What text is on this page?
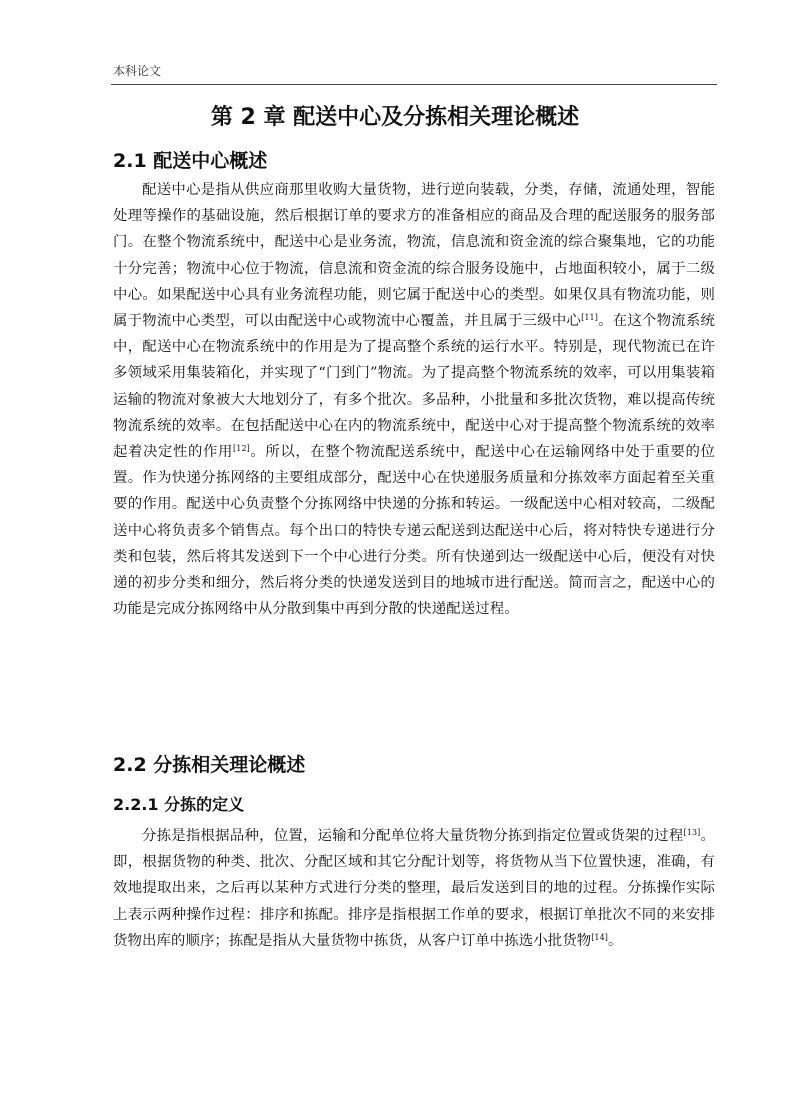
本科论文
第 2 章 配送中心及分拣相关理论概述
2.1 配送中心概述
配送中心是指从供应商那里收购大量货物，进行逆向装载，分类，存储，流通处理，智能处理等操作的基础设施，然后根据订单的要求方的准备相应的商品及合理的配送服务的服务部门。在整个物流系统中，配送中心是业务流，物流，信息流和资金流的综合聚集地，它的功能十分完善；物流中心位于物流，信息流和资金流的综合服务设施中，占地面积较小，属于二级中心。如果配送中心具有业务流程功能，则它属于配送中心的类型。如果仅具有物流功能，则属于物流中心类型，可以由配送中心或物流中心覆盖，并且属于三级中心[11]。在这个物流系统中，配送中心在物流系统中的作用是为了提高整个系统的运行水平。特别是，现代物流已在许多领域采用集装箱化，并实现了“门到门”物流。为了提高整个物流系统的效率，可以用集装箱运输的物流对象被大大地划分了，有多个批次。多品种，小批量和多批次货物，难以提高传统物流系统的效率。在包括配送中心在内的物流系统中，配送中心对于提高整个物流系统的效率起着决定性的作用[12]。所以，在整个物流配送系统中，配送中心在运输网络中处于重要的位置。作为快递分拣网络的主要组成部分，配送中心在快递服务质量和分拣效率方面起着至关重要的作用。配送中心负责整个分拣网络中快递的分拣和转运。一级配送中心相对较高，二级配送中心将负责多个销售点。每个出口的特快专递云配送到达配送中心后，将对特快专递进行分类和包装，然后将其发送到下一个中心进行分类。所有快递到达一级配送中心后，便没有对快递的初步分类和细分，然后将分类的快递发送到目的地城市进行配送。简而言之，配送中心的功能是完成分拣网络中从分散到集中再到分散的快递配送过程。
2.2 分拣相关理论概述
2.2.1 分拣的定义
分拣是指根据品种，位置，运输和分配单位将大量货物分拣到指定位置或货架的过程[13]。即，根据货物的种类、批次、分配区域和其它分配计划等，将货物从当下位置快速，准确，有效地提取出来，之后再以某种方式进行分类的整理，最后发送到目的地的过程。分拣操作实际上表示两种操作过程：排序和拣配。排序是指根据工作单的要求，根据订单批次不同的来安排货物出库的顺序；拣配是指从大量货物中拣货，从客户订单中拣选小批货物[14]。
